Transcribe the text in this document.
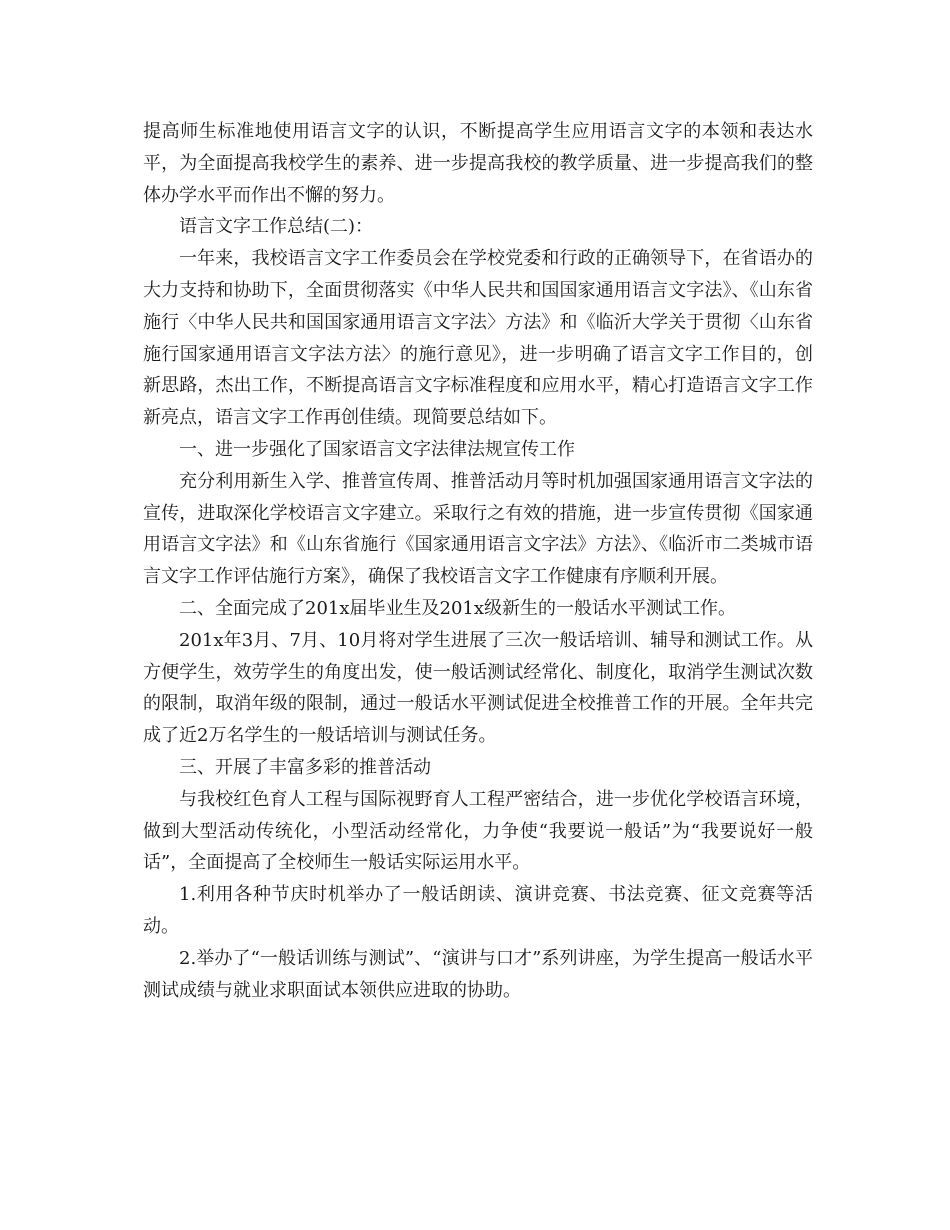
提高师生标准地使用语言文字的认识，不断提高学生应用语言文字的本领和表达水平，为全面提高我校学生的素养、进一步提高我校的教学质量、进一步提高我们的整体办学水平而作出不懈的努力。

语言文字工作总结(二)：

一年来，我校语言文字工作委员会在学校党委和行政的正确领导下，在省语办的大力支持和协助下，全面贯彻落实《中华人民共和国国家通用语言文字法》、《山东省施行〈中华人民共和国国家通用语言文字法〉方法》和《临沂大学关于贯彻〈山东省施行国家通用语言文字法方法〉的施行意见》，进一步明确了语言文字工作目的，创新思路，杰出工作，不断提高语言文字标准程度和应用水平，精心打造语言文字工作新亮点，语言文字工作再创佳绩。现简要总结如下。

一、进一步强化了国家语言文字法律法规宣传工作

充分利用新生入学、推普宣传周、推普活动月等时机加强国家通用语言文字法的宣传，进取深化学校语言文字建立。采取行之有效的措施，进一步宣传贯彻《国家通用语言文字法》和《山东省施行《国家通用语言文字法》方法》、《临沂市二类城市语言文字工作评估施行方案》，确保了我校语言文字工作健康有序顺利开展。

二、全面完成了201x届毕业生及201x级新生的一般话水平测试工作。

201x年3月、7月、10月将对学生进展了三次一般话培训、辅导和测试工作。从方便学生，效劳学生的角度出发，使一般话测试经常化、制度化，取消学生测试次数的限制，取消年级的限制，通过一般话水平测试促进全校推普工作的开展。全年共完成了近2万名学生的一般话培训与测试任务。

三、开展了丰富多彩的推普活动

与我校红色育人工程与国际视野育人工程严密结合，进一步优化学校语言环境，做到大型活动传统化，小型活动经常化，力争使“我要说一般话”为“我要说好一般话”，全面提高了全校师生一般话实际运用水平。

1.利用各种节庆时机举办了一般话朗读、演讲竞赛、书法竞赛、征文竞赛等活动。

2.举办了“一般话训练与测试”、“演讲与口才”系列讲座，为学生提高一般话水平测试成绩与就业求职面试本领供应进取的协助。
